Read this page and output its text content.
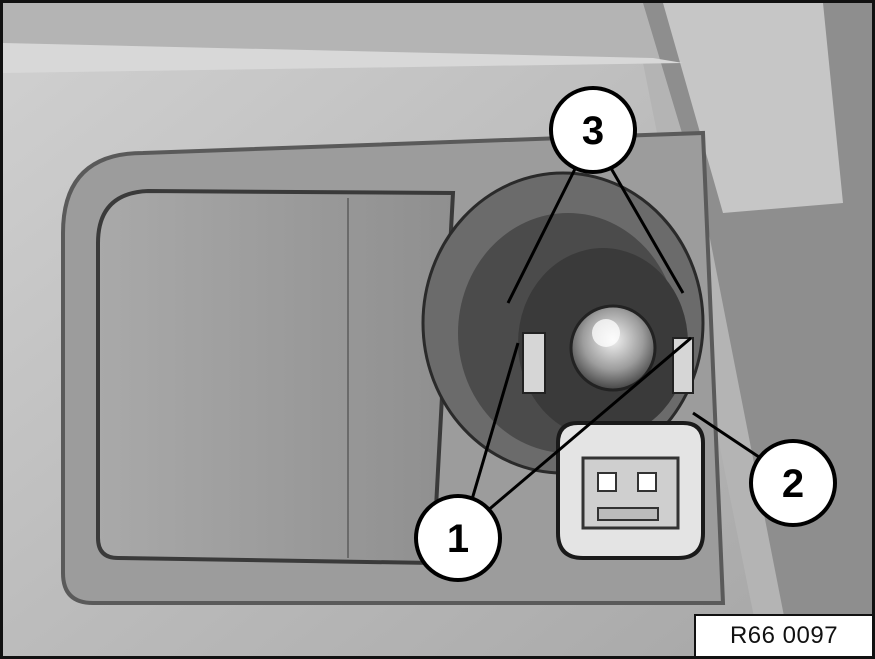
3
1
2
R66 0097
